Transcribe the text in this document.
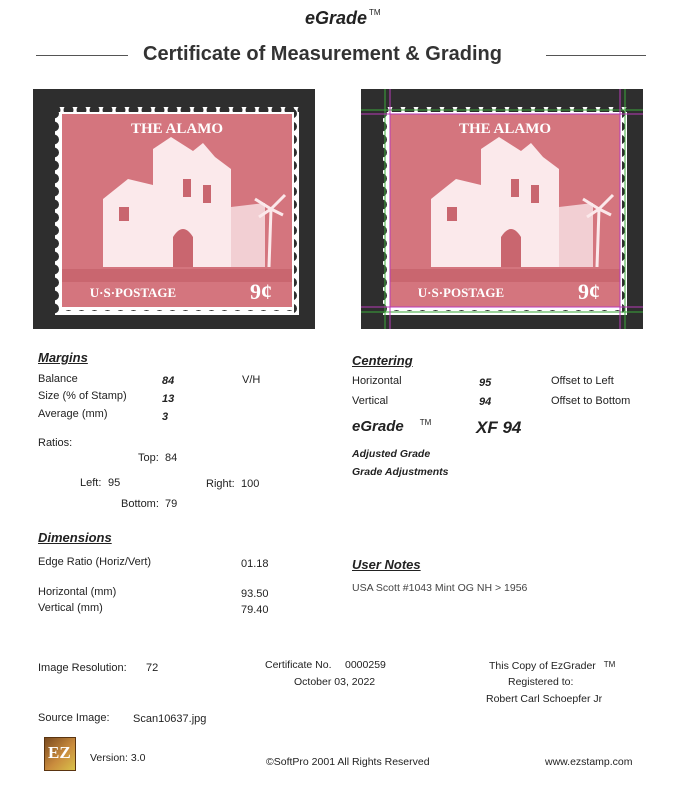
eGrade ™
Certificate of Measurement & Grading
THE ALAMO
U·S·POSTAGE	9¢
THE ALAMO
U·S·POSTAGE	9¢
Margins
Balance	84	V/H
Size (% of Stamp)	13
Average (mm)	3
Ratios:
Top: 84
Left: 95	Right: 100
Bottom: 79
Centering
Horizontal	95	Offset to Left
Vertical	94	Offset to Bottom
eGrade ™	XF 94
Adjusted Grade
Grade Adjustments
Dimensions
Edge Ratio (Horiz/Vert)	01.18
Horizontal (mm)	93.50
Vertical (mm)	79.40
User Notes
USA Scott #1043 Mint OG NH > 1956
Image Resolution: 72	Certificate No. 0000259
October 03, 2022
This Copy of EzGrader ™
Registered to:
Robert Carl Schoepfer Jr
Source Image: Scan10637.jpg
EZ Version: 3.0	©SoftPro 2001 All Rights Reserved	www.ezstamp.com
